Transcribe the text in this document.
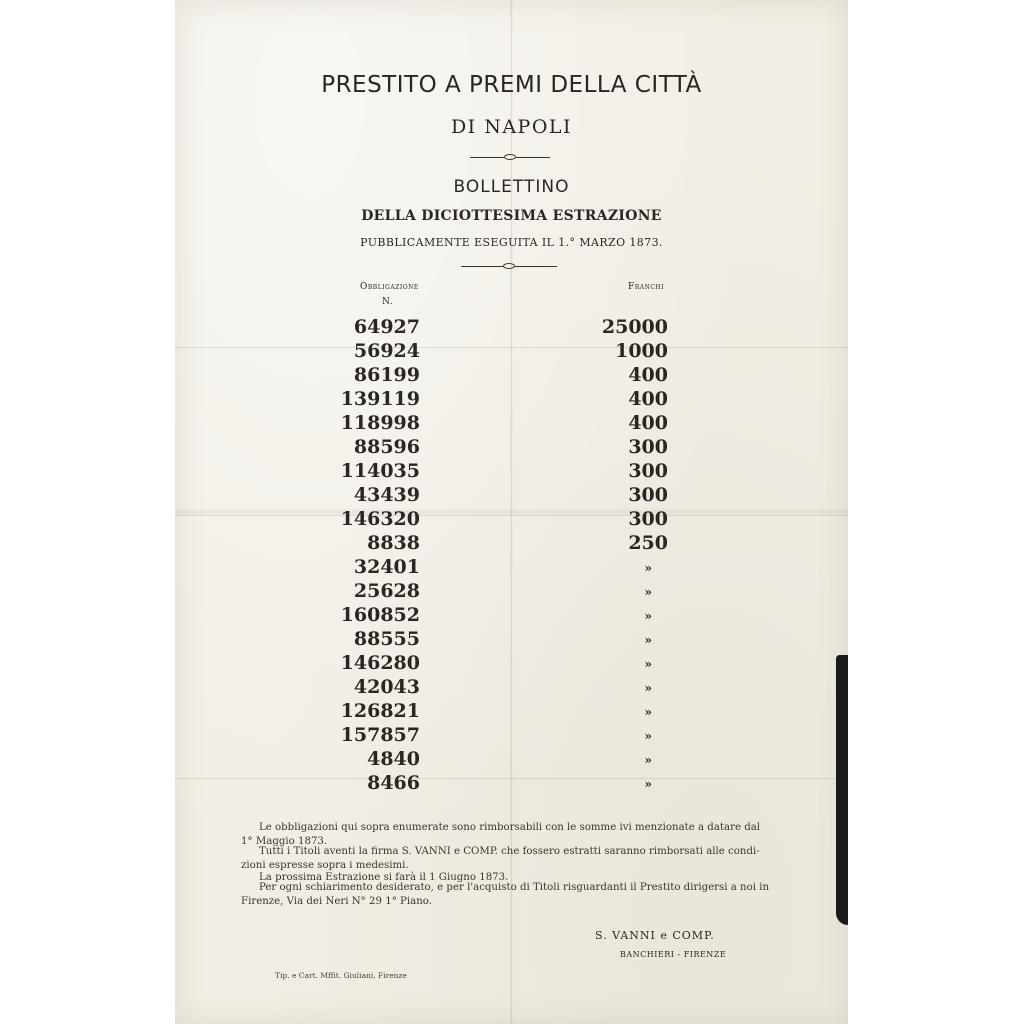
PRESTITO A PREMI DELLA CITTÀ
DI NAPOLI
BOLLETTINO
DELLA DICIOTTESIMA ESTRAZIONE
PUBBLICAMENTE ESEGUITA IL 1.° MARZO 1873.
Obbligazione
N.
Franchi
64927	25000
56924	1000
86199	400
139119	400
118998	400
88596	300
114035	300
43439	300
146320	300
8838	250
32401	»
25628	»
160852	»
88555	»
146280	»
42043	»
126821	»
157857	»
4840	»
8466	»
Le obbligazioni qui sopra enumerate sono rimborsabili con le somme ivi menzionate a datare dal
1° Maggio 1873.
Tutti i Titoli aventi la firma S. VANNI e COMP. che fossero estratti saranno rimborsati alle condi-
zioni espresse sopra i medesimi.
La prossima Estrazione si farà il 1 Giugno 1873.
Per ogni schiarimento desiderato, e per l'acquisto di Titoli risguardanti il Prestito dirigersi a noi in
Firenze, Via dei Neri N° 29 1° Piano.
S. VANNI e COMP.
BANCHIERI - FIRENZE
Tip. e Cart. Mffit. Giuliani, Firenze
